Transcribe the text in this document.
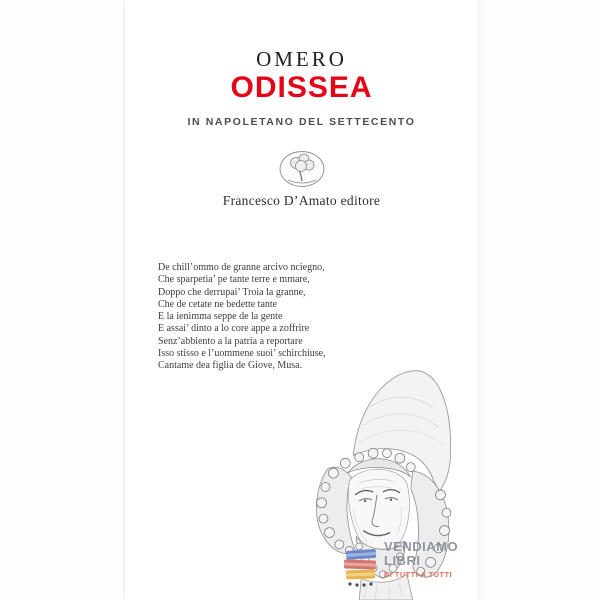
OMERO
ODISSEA
IN NAPOLETANO DEL SETTECENTO
Francesco D’Amato editore
De chill’ommo de granne arcivo nciegno,
Che sparpetia’ pe tante terre e mmare,
Doppo che derrupai’ Troia la granne,
Che de cetate ne bedette tante
E la ienimma seppe de la gente
E assai’ dinto a lo core appe a zoffrire
Senz’abbiento a la patria a reportare
Isso stisso e l’uommene suoi’ schirchiuse,
Cantame dea figlia de Giove, Musa.
VENDIAMO
LIBRI
DI TUTTI A TUTTI
